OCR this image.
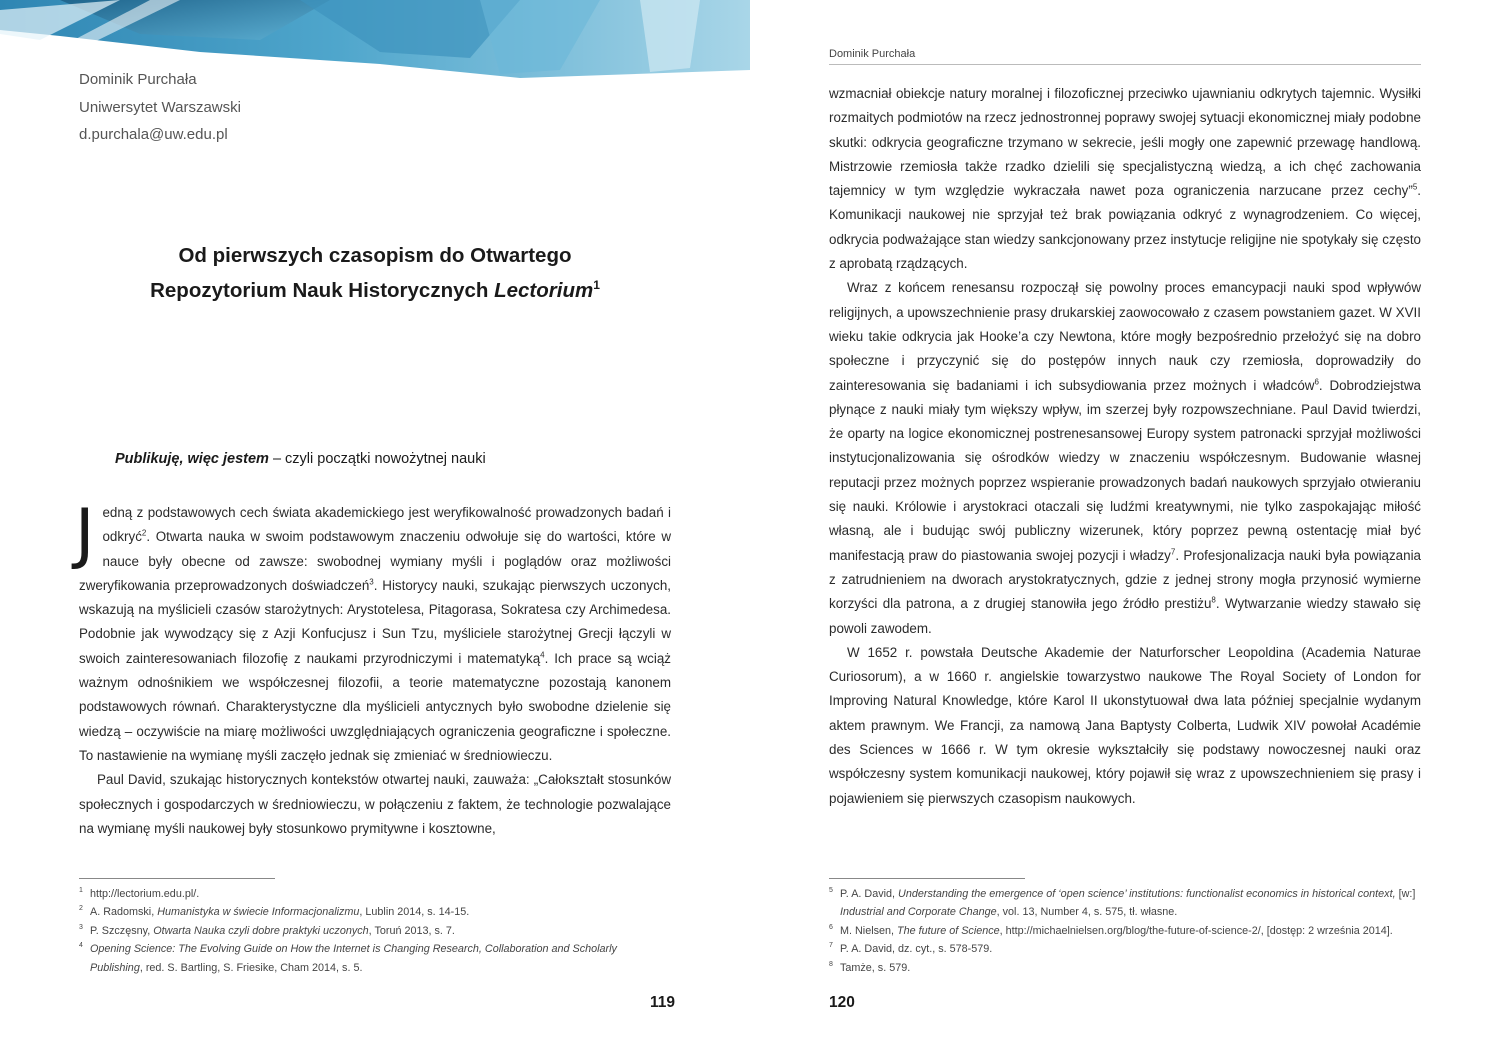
Dominik Purchała
Uniwersytet Warszawski
d.purchala@uw.edu.pl
Od pierwszych czasopism do Otwartego
Repozytorium Nauk Historycznych Lectorium$^1$
Publikuję, więc jestem – czyli początki nowożytnej nauki

Jedną z podstawowych cech świata akademickiego jest weryfikowalność prowadzonych badań i odkryć$^2$. Otwarta nauka w swoim podstawowym znaczeniu odwołuje się do wartości, które w nauce były obecne od zawsze: swobodnej wymiany myśli i poglądów oraz możliwości zweryfikowania przeprowadzonych doświadczeń$^3$. Historycy nauki, szukając pierwszych uczonych, wskazują na myślicieli czasów starożytnych: Arystotelesa, Pitagorasa, Sokratesa czy Archimedesa. Podobnie jak wywodzący się z Azji Konfucjusz i Sun Tzu, myśliciele starożytnej Grecji łączyli w swoich zainteresowaniach filozofię z naukami przyrodniczymi i matematyką$^4$. Ich prace są wciąż ważnym odnośnikiem we współczesnej filozofii, a teorie matematyczne pozostają kanonem podstawowych równań. Charakterystyczne dla myślicieli antycznych było swobodne dzielenie się wiedzą – oczywiście na miarę możliwości uwzględniających ograniczenia geograficzne i społeczne. To nastawienie na wymianę myśli zaczęło jednak się zmieniać w średniowieczu.

Paul David, szukając historycznych kontekstów otwartej nauki, zauważa: „Całokształt stosunków społecznych i gospodarczych w średniowieczu, w połączeniu z faktem, że technologie pozwalające na wymianę myśli naukowej były stosunkowo prymitywne i kosztowne,

1 http://lectorium.edu.pl/.
2 A. Radomski, Humanistyka w świecie Informacjonalizmu, Lublin 2014, s. 14-15.
3 P. Szczęsny, Otwarta Nauka czyli dobre praktyki uczonych, Toruń 2013, s. 7.
4 Opening Science: The Evolving Guide on How the Internet is Changing Research, Collaboration and Scholarly Publishing, red. S. Bartling, S. Friesike, Cham 2014, s. 5.
119
Dominik Purchała

wzmacniał obiekcje natury moralnej i filozoficznej przeciwko ujawnianiu odkrytych tajemnic. Wysiłki rozmaitych podmiotów na rzecz jednostronnej poprawy swojej sytuacji ekonomicznej miały podobne skutki: odkrycia geograficzne trzymano w sekrecie, jeśli mogły one zapewnić przewagę handlową. Mistrzowie rzemiosła także rzadko dzielili się specjalistyczną wiedzą, a ich chęć zachowania tajemnicy w tym względzie wykraczała nawet poza ograniczenia narzucane przez cechy”$^5$. Komunikacji naukowej nie sprzyjał też brak powiązania odkryć z wynagrodzeniem. Co więcej, odkrycia podważające stan wiedzy sankcjonowany przez instytucje religijne nie spotykały się często z aprobatą rządzących.

Wraz z końcem renesansu rozpoczął się powolny proces emancypacji nauki spod wpływów religijnych, a upowszechnienie prasy drukarskiej zaowocowało z czasem powstaniem gazet. W XVII wieku takie odkrycia jak Hooke’a czy Newtona, które mogły bezpośrednio przełożyć się na dobro społeczne i przyczynić się do postępów innych nauk czy rzemiosła, doprowadziły do zainteresowania się badaniami i ich subsydiowania przez możnych i władców$^6$. Dobrodziejstwa płynące z nauki miały tym większy wpływ, im szerzej były rozpowszechniane. Paul David twierdzi, że oparty na logice ekonomicznej postrenesansowej Europy system patronacki sprzyjał możliwości instytucjonalizowania się ośrodków wiedzy w znaczeniu współczesnym. Budowanie własnej reputacji przez możnych poprzez wspieranie prowadzonych badań naukowych sprzyjało otwieraniu się nauki. Królowie i arystokraci otaczali się ludźmi kreatywnymi, nie tylko zaspokajając miłość własną, ale i budując swój publiczny wizerunek, który poprzez pewną ostentację miał być manifestacją praw do piastowania swojej pozycji i władzy$^7$. Profesjonalizacja nauki była powiązania z zatrudnieniem na dworach arystokratycznych, gdzie z jednej strony mogła przynosić wymierne korzyści dla patrona, a z drugiej stanowiła jego źródło prestiżu$^8$. Wytwarzanie wiedzy stawało się powoli zawodem.

W 1652 r. powstała Deutsche Akademie der Naturforscher Leopoldina (Academia Naturae Curiosorum), a w 1660 r. angielskie towarzystwo naukowe The Royal Society of London for Improving Natural Knowledge, które Karol II ukonstytuował dwa lata później specjalnie wydanym aktem prawnym. We Francji, za namową Jana Baptysty Colberta, Ludwik XIV powołał Académie des Sciences w 1666 r. W tym okresie wykształciły się podstawy nowoczesnej nauki oraz współczesny system komunikacji naukowej, który pojawił się wraz z upowszechnieniem się prasy i pojawieniem się pierwszych czasopism naukowych.

5 P. A. David, Understanding the emergence of ‘open science’ institutions: functionalist economics in historical context, [w:] Industrial and Corporate Change, vol. 13, Number 4, s. 575, tł. własne.
6 M. Nielsen, The future of Science, http://michaelnielsen.org/blog/the-future-of-science-2/, [dostęp: 2 września 2014].
7 P. A. David, dz. cyt., s. 578-579.
8 Tamże, s. 579.
120
